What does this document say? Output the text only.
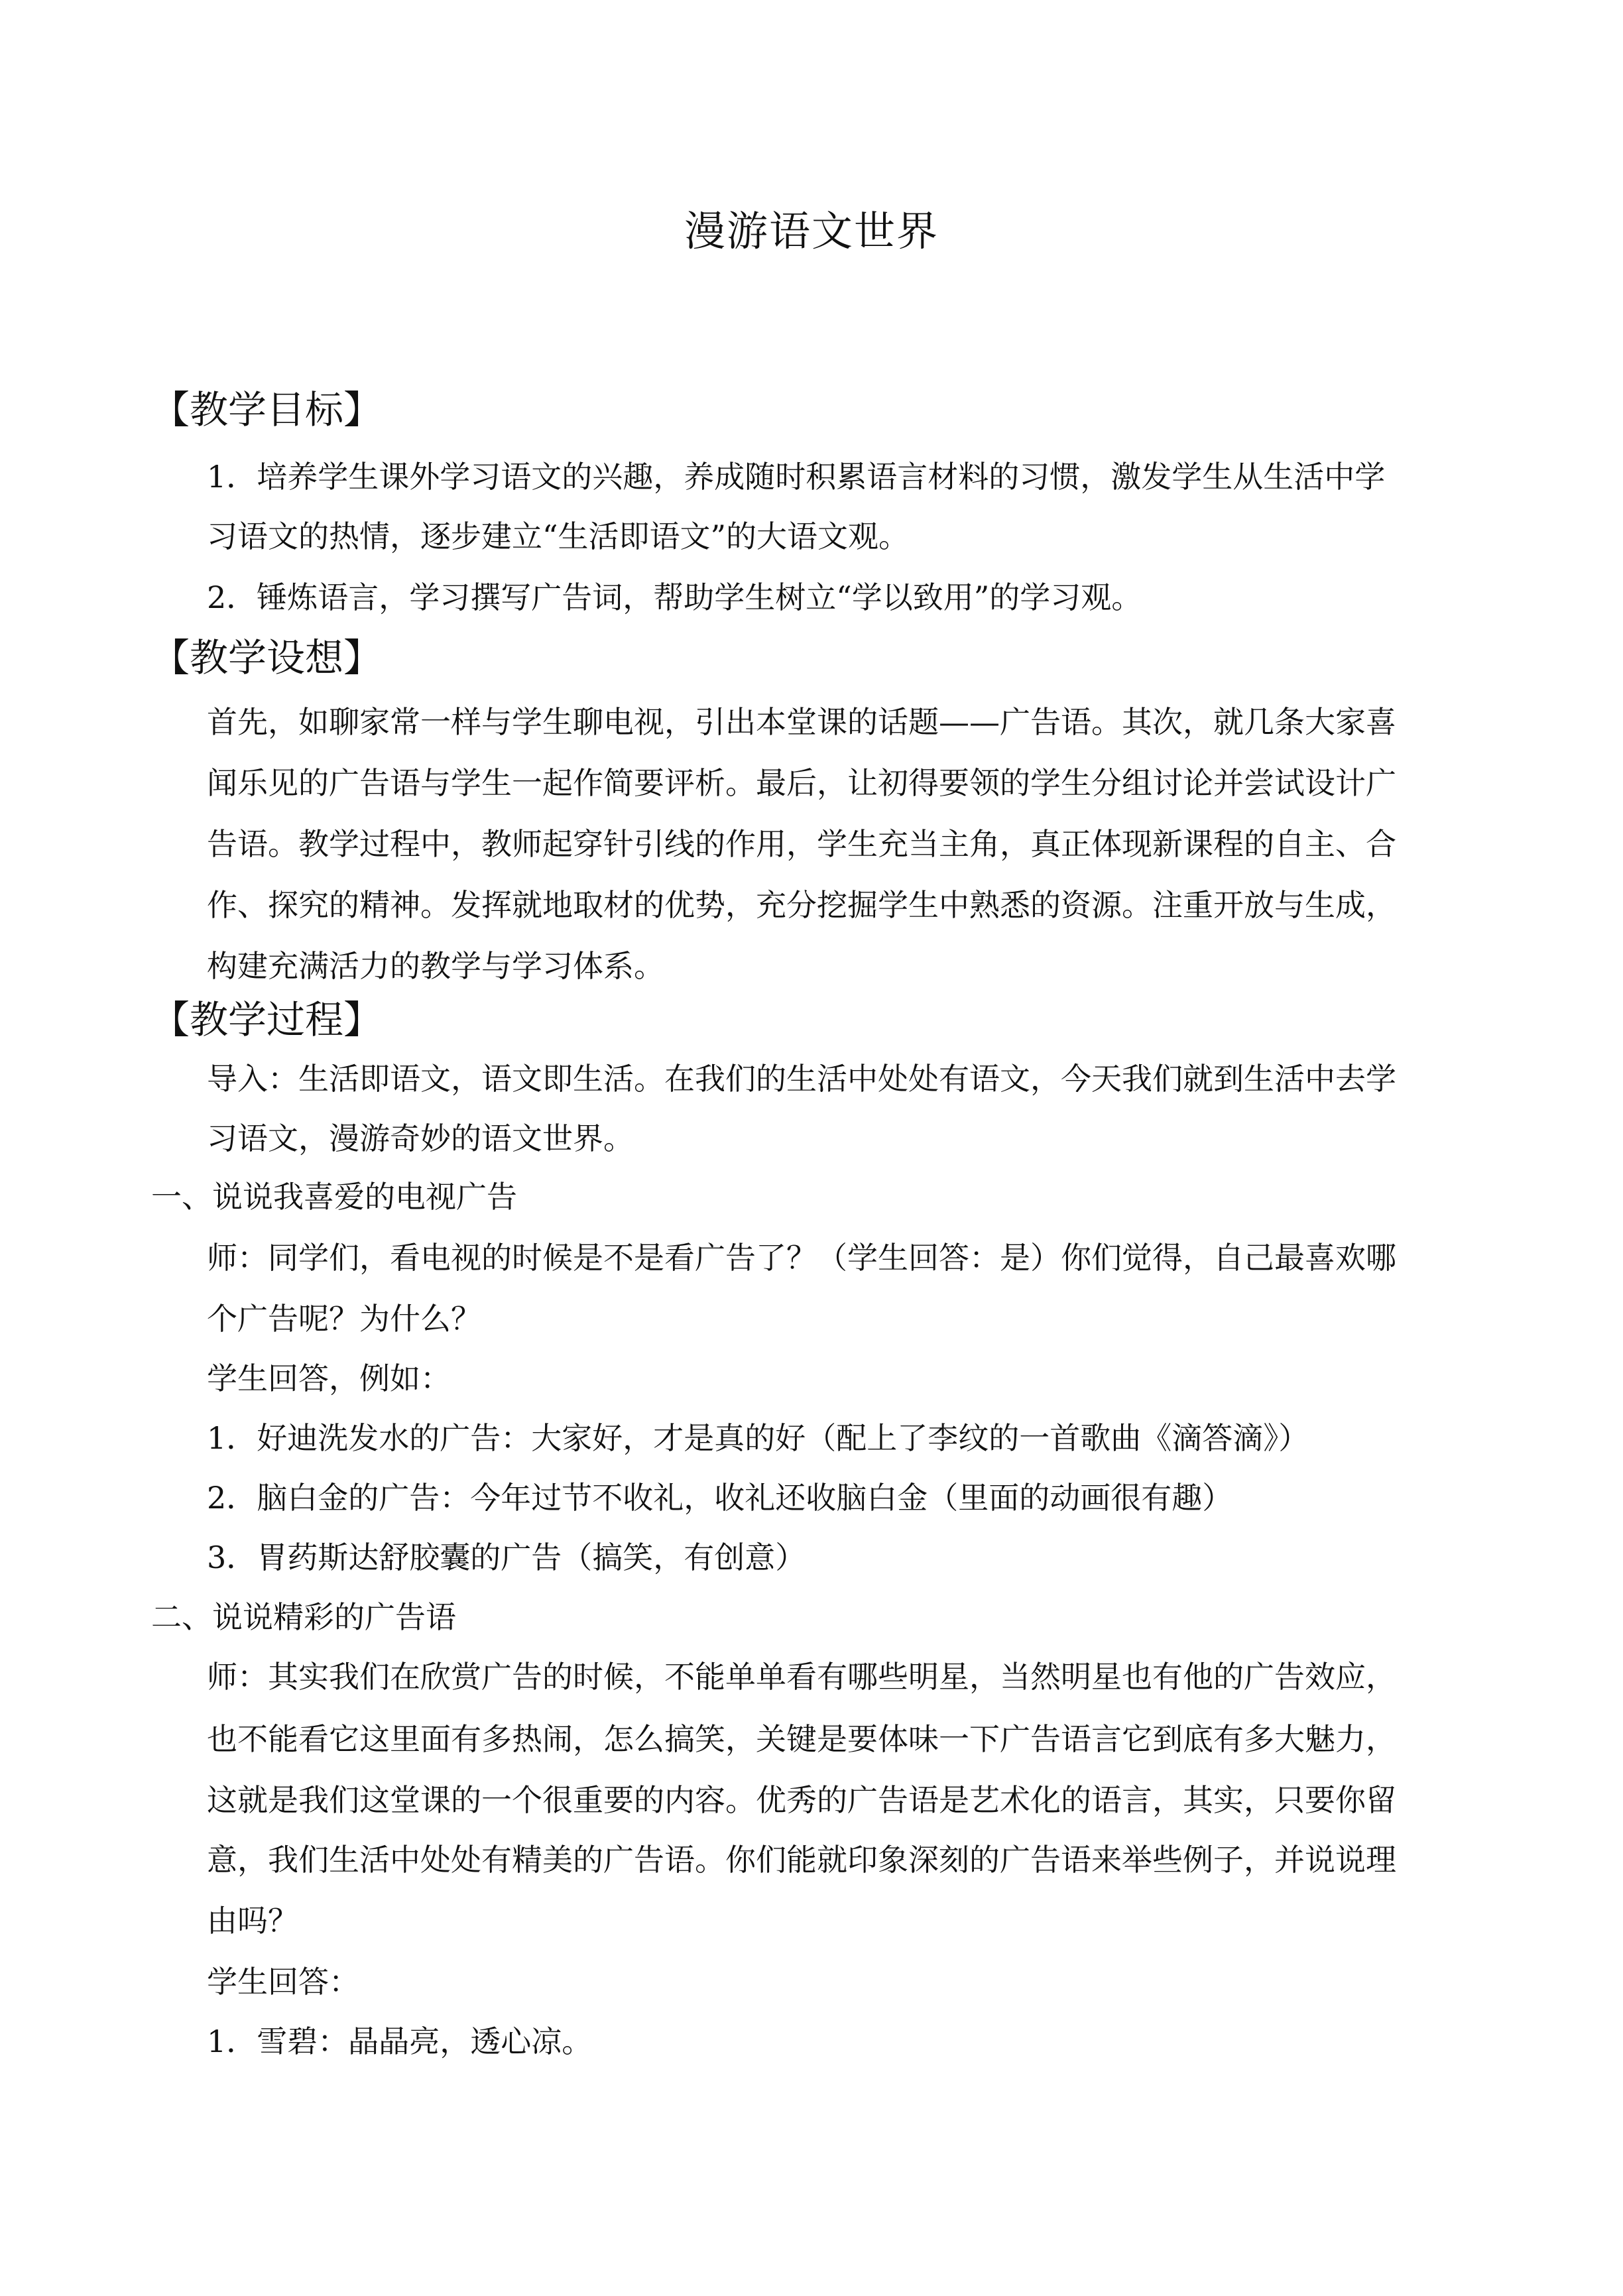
漫游语文世界
【教学目标】
1．培养学生课外学习语文的兴趣，养成随时积累语言材料的习惯，激发学生从生活中学
习语文的热情，逐步建立“生活即语文”的大语文观。
2．锤炼语言，学习撰写广告词，帮助学生树立“学以致用”的学习观。
【教学设想】
首先，如聊家常一样与学生聊电视，引出本堂课的话题——广告语。其次，就几条大家喜
闻乐见的广告语与学生一起作简要评析。最后，让初得要领的学生分组讨论并尝试设计广
告语。教学过程中，教师起穿针引线的作用，学生充当主角，真正体现新课程的自主、合
作、探究的精神。发挥就地取材的优势，充分挖掘学生中熟悉的资源。注重开放与生成，
构建充满活力的教学与学习体系。
【教学过程】
导入：生活即语文，语文即生活。在我们的生活中处处有语文，今天我们就到生活中去学
习语文，漫游奇妙的语文世界。
一、说说我喜爱的电视广告
师：同学们，看电视的时候是不是看广告了？（学生回答：是）你们觉得，自己最喜欢哪
个广告呢？为什么？
学生回答，例如：
1．好迪洗发水的广告：大家好，才是真的好（配上了李纹的一首歌曲《滴答滴》）
2．脑白金的广告：今年过节不收礼，收礼还收脑白金（里面的动画很有趣）
3．胃药斯达舒胶囊的广告（搞笑，有创意）
二、说说精彩的广告语
师：其实我们在欣赏广告的时候，不能单单看有哪些明星，当然明星也有他的广告效应，
也不能看它这里面有多热闹，怎么搞笑，关键是要体味一下广告语言它到底有多大魅力，
这就是我们这堂课的一个很重要的内容。优秀的广告语是艺术化的语言，其实，只要你留
意，我们生活中处处有精美的广告语。你们能就印象深刻的广告语来举些例子，并说说理
由吗？
学生回答：
1．雪碧：晶晶亮，透心凉。
